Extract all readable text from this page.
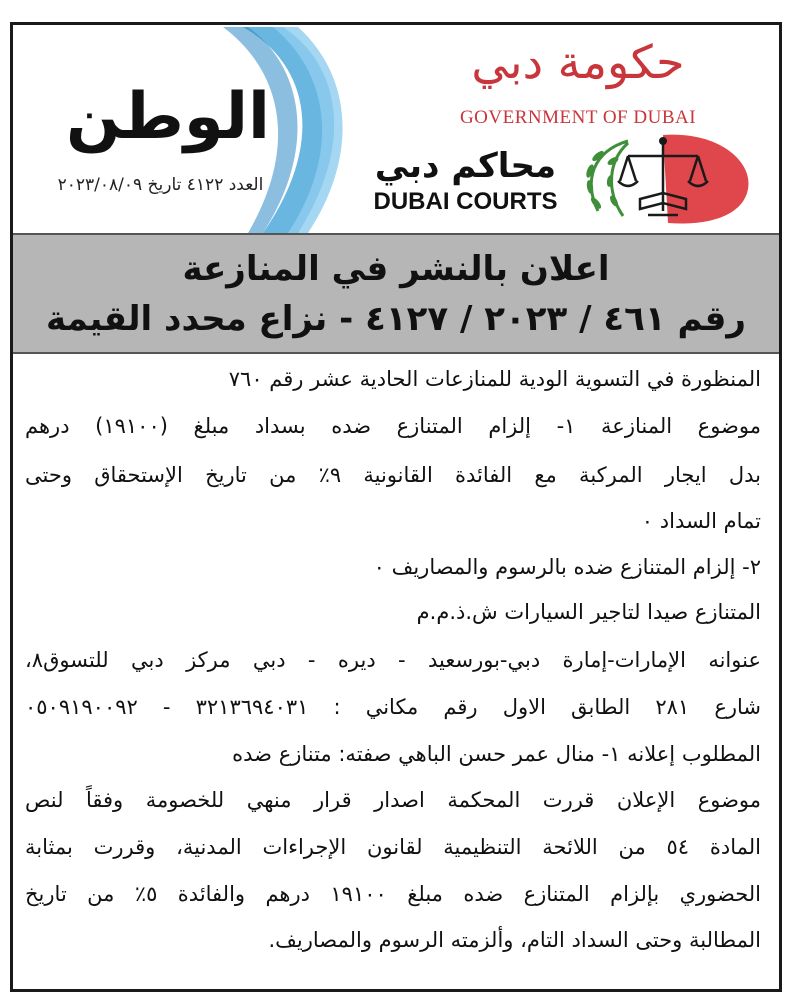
الوطن
العدد ٤١٢٢ تاريخ ٢٠٢٣/٠٨/٠٩
حكومة دبي
GOVERNMENT OF DUBAI
محاكم دبي
DUBAI COURTS
اعلان بالنشر في المنازعة
رقم ٤٦١ / ٢٠٢٣ / ٤١٢٧ - نزاع محدد القيمة
المنظورة في التسوية الودية للمنازعات الحادية عشر رقم ٧٦٠
موضوع المنازعة ١- إلزام المتنازع ضده بسداد مبلغ (١٩١٠٠) درهم
بدل ايجار المركبة مع الفائدة القانونية ٩٪ من تاريخ الإستحقاق وحتى
تمام السداد ٠
٢- إلزام المتنازع ضده بالرسوم والمصاريف ٠
المتنازع صيدا لتاجير السيارات ش.ذ.م.م
عنوانه الإمارات-إمارة دبي-بورسعيد - ديره - دبي مركز دبي للتسوق٨،
شارع ٢٨١ الطابق الاول رقم مكاني : ٣٢١٣٦٩٤٠٣١ - ٠٥٠٩١٩٠٠٩٢
المطلوب إعلانه ١- منال عمر حسن الباهي صفته: متنازع ضده
موضوع الإعلان قررت المحكمة اصدار قرار منهي للخصومة وفقاً لنص
المادة ٥٤ من اللائحة التنظيمية لقانون الإجراءات المدنية، وقررت بمثابة
الحضوري بإلزام المتنازع ضده مبلغ ١٩١٠٠ درهم والفائدة ٥٪ من تاريخ
المطالبة وحتى السداد التام، وألزمته الرسوم والمصاريف.
